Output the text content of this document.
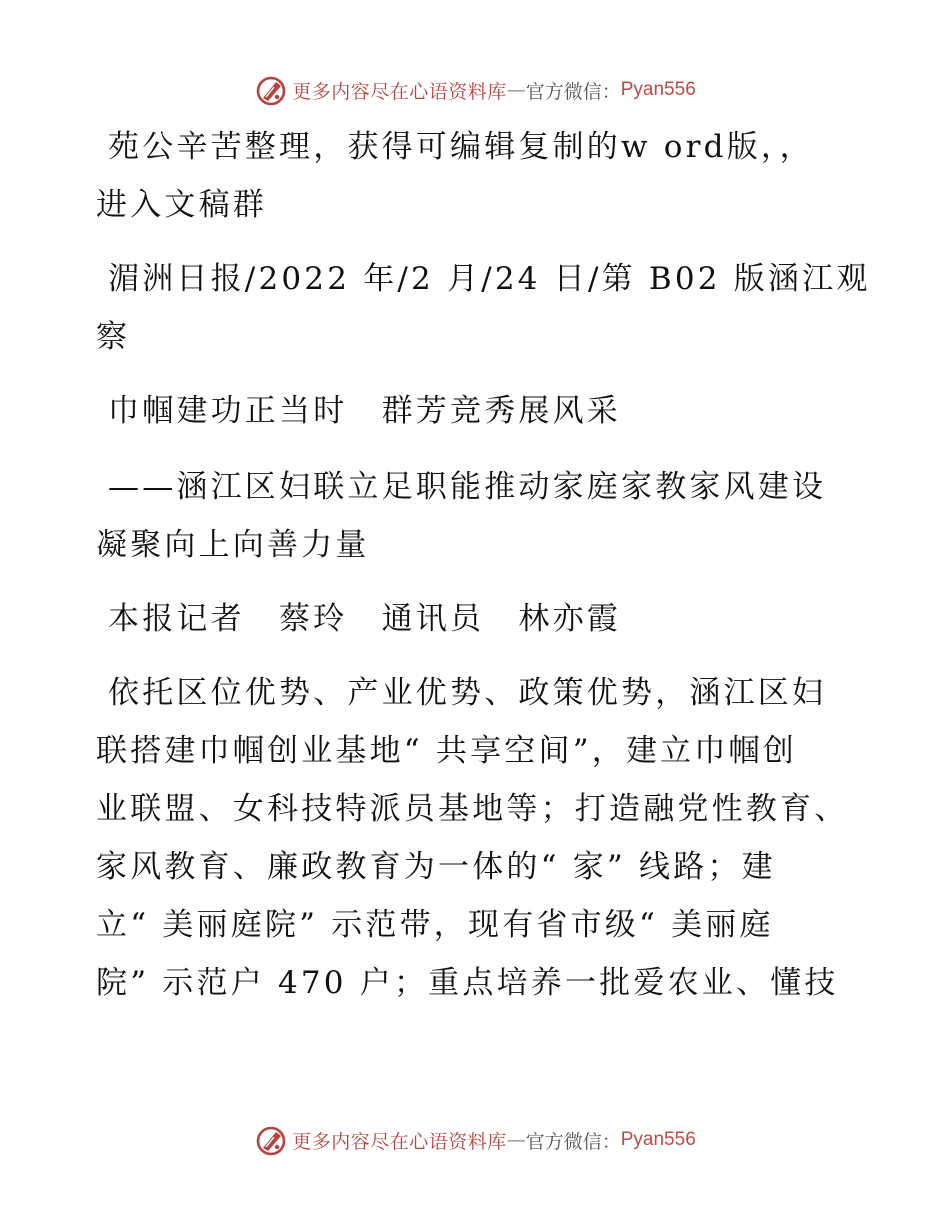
更多内容尽在心语资料库 — 官方微信： Pyan556
苑公辛苦整理，获得可编辑复制的w ord版，，
进入文稿群
湄洲日报/2022 年/2 月/24 日/第 B02 版涵江观
察
巾帼建功正当时　群芳竞秀展风采
——涵江区妇联立足职能推动家庭家教家风建设
凝聚向上向善力量
本报记者　蔡玲　通讯员　林亦霞
依托区位优势、产业优势、政策优势，涵江区妇
联搭建巾帼创业基地“ 共享空间”，建立巾帼创
业联盟、女科技特派员基地等；打造融党性教育、
家风教育、廉政教育为一体的“ 家” 线路；建
立“ 美丽庭院” 示范带，现有省市级“ 美丽庭
院” 示范户 470 户；重点培养一批爱农业、懂技
更多内容尽在心语资料库 — 官方微信： Pyan556
